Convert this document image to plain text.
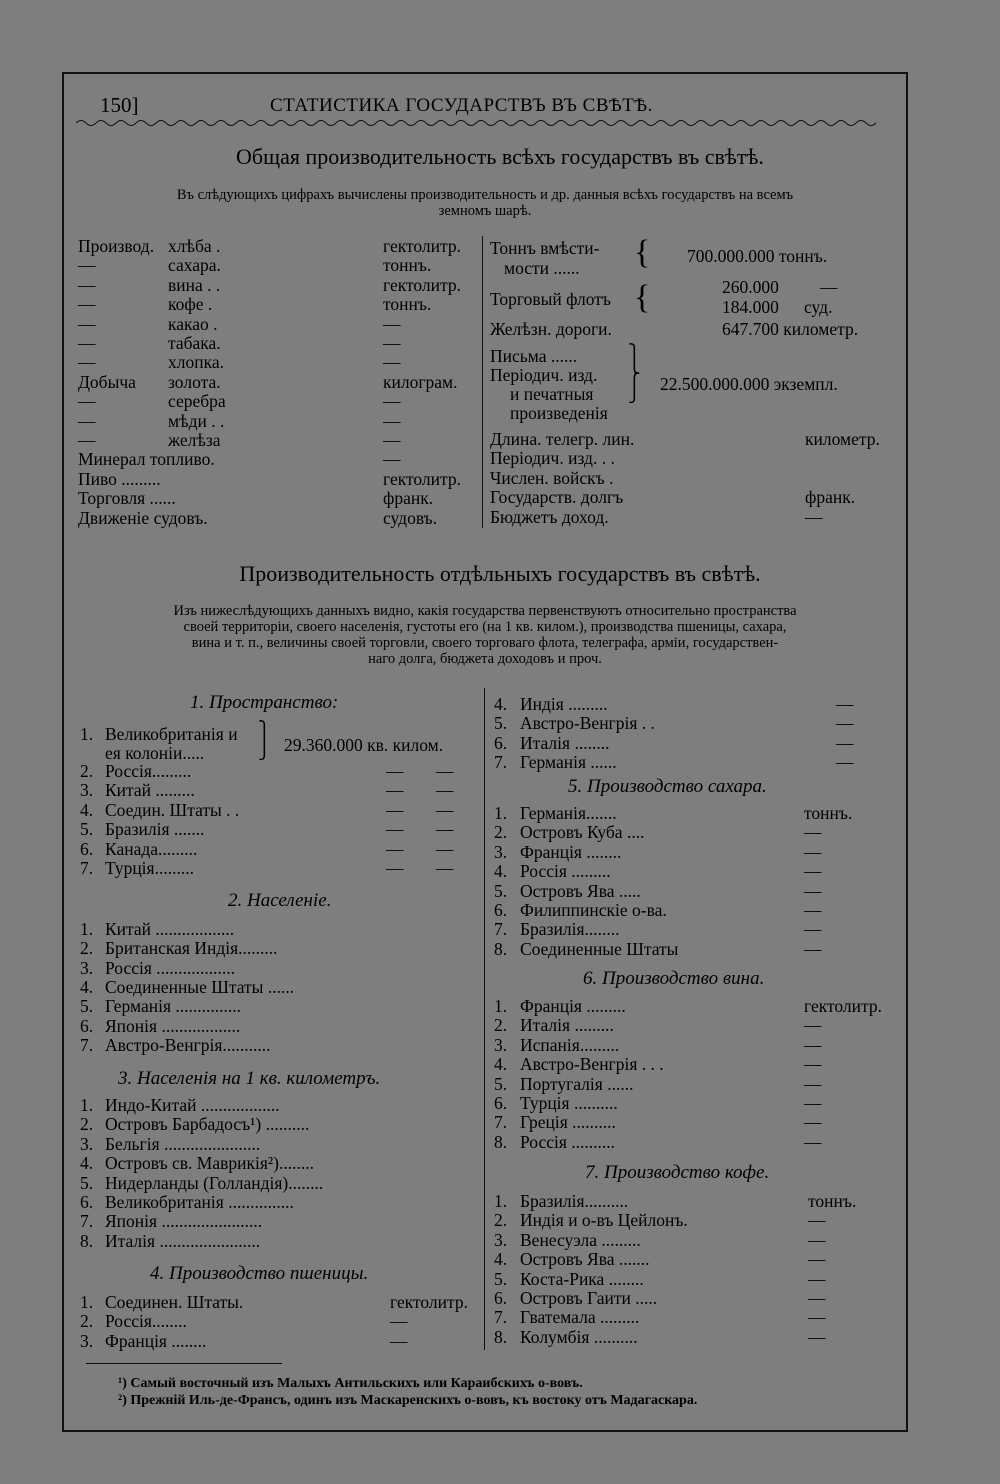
150]	СТАТИСТИКА ГОСУДАРСТВЪ ВЪ СВѢТѢ.
Общая производительность всѣхъ государствъ въ свѣтѣ.
Въ слѣдующихъ цифрахъ вычислены производительность и др. данныя всѣхъ государствъ на всемъ
земномъ шарѣ.
Производ. хлѣба .	гектолитр.
—	сахара.	тоннъ.
—	вина . .	гектолитр.
—	кофе .	тоннъ.
—	какао .	—
—	табака.	—
—	хлопка.	—
Добыча золота.	килограм.
—	серебра	—
—	мѣди . .	—
—	желѣза	—
Минерал топливо.	—
Пиво .........	гектолитр.
Торговля ......	франк.
Движеніе судовъ.	судовъ.
Тоннъ вмѣсти-
мости ...... { 700.000.000 тоннъ.
Торговый флотъ {	260.000 —
184.000 суд.
Желѣзн. дороги.	647.700 километр.
Письма ......
Періодич. изд.
и печатныя
произведенія
⎫
⎬
⎭ 22.500.000.000 экземпл.
Длина. телегр. лин.	километр.
Періодич. изд. . .
Числен. войскъ .
Государств. долгъ	франк.
Бюджетъ доход.	—
Производительность отдѣльныхъ государствъ въ свѣтѣ.
Изъ нижеслѣдующихъ данныхъ видно, какія государства первенствуютъ относительно пространства
своей территоріи, своего населенія, густоты его (на 1 кв. килом.), производства пшеницы, сахара,
вина и т. п., величины своей торговли, своего торговаго флота, телеграфа, арміи, государствен-
наго долга, бюджета доходовъ и проч.
1. Пространство:
1. Великобританія и
ея колоніи.....
⎫
⎭ 29.360.000 кв. килом.
2. Россія.........	— —
3. Китай .........	— —
4. Соедин. Штаты . .	— —
5. Бразилія .......	— —
6. Канада.........	— —
7. Турція.........	— —
2. Населеніе.
1. Китай ..................
2. Британская Индія.........
3. Россія ..................
4. Соединенные Штаты ......
5. Германія ...............
6. Японія ..................
7. Австро-Венгрія...........
3. Населенія на 1 кв. километръ.
1. Индо-Китай ..................
2. Островъ Барбадосъ¹) ..........
3. Бельгія ......................
4. Островъ св. Маврикія²)........
5. Нидерланды (Голландія)........
6. Великобританія ...............
7. Японія .......................
8. Италія .......................
4. Производство пшеницы.
1. Соединен. Штаты.	гектолитр.
2. Россія........	—
3. Франція ........	—
4. Индія .........	—
5. Австро-Венгрія . .	—
6. Италія ........	—
7. Германія ......	—
5. Производство сахара.
1. Германія.......	тоннъ.
2. Островъ Куба ....	—
3. Франція ........	—
4. Россія .........	—
5. Островъ Ява .....	—
6. Филиппинскіе о-ва.	—
7. Бразилія........	—
8. Соединенные Штаты	—
6. Производство вина.
1. Франція .........	гектолитр.
2. Италія .........	—
3. Испанія.........	—
4. Австро-Венгрія . . .	—
5. Португалія ......	—
6. Турція ..........	—
7. Греція ..........	—
8. Россія ..........	—
7. Производство кофе.
1. Бразилія..........	тоннъ.
2. Индія и о-въ Цейлонъ.	—
3. Венесуэла .........	—
4. Островъ Ява .......	—
5. Коста-Рика ........	—
6. Островъ Гаити .....	—
7. Гватемала .........	—
8. Колумбія ..........	—
¹) Самый восточный изъ Малыхъ Антильскихъ или Караибскихъ о-вовъ.
²) Прежній Иль-де-Франсъ, одинъ изъ Маскаренскихъ о-вовъ, къ востоку отъ Мадагаскара.
